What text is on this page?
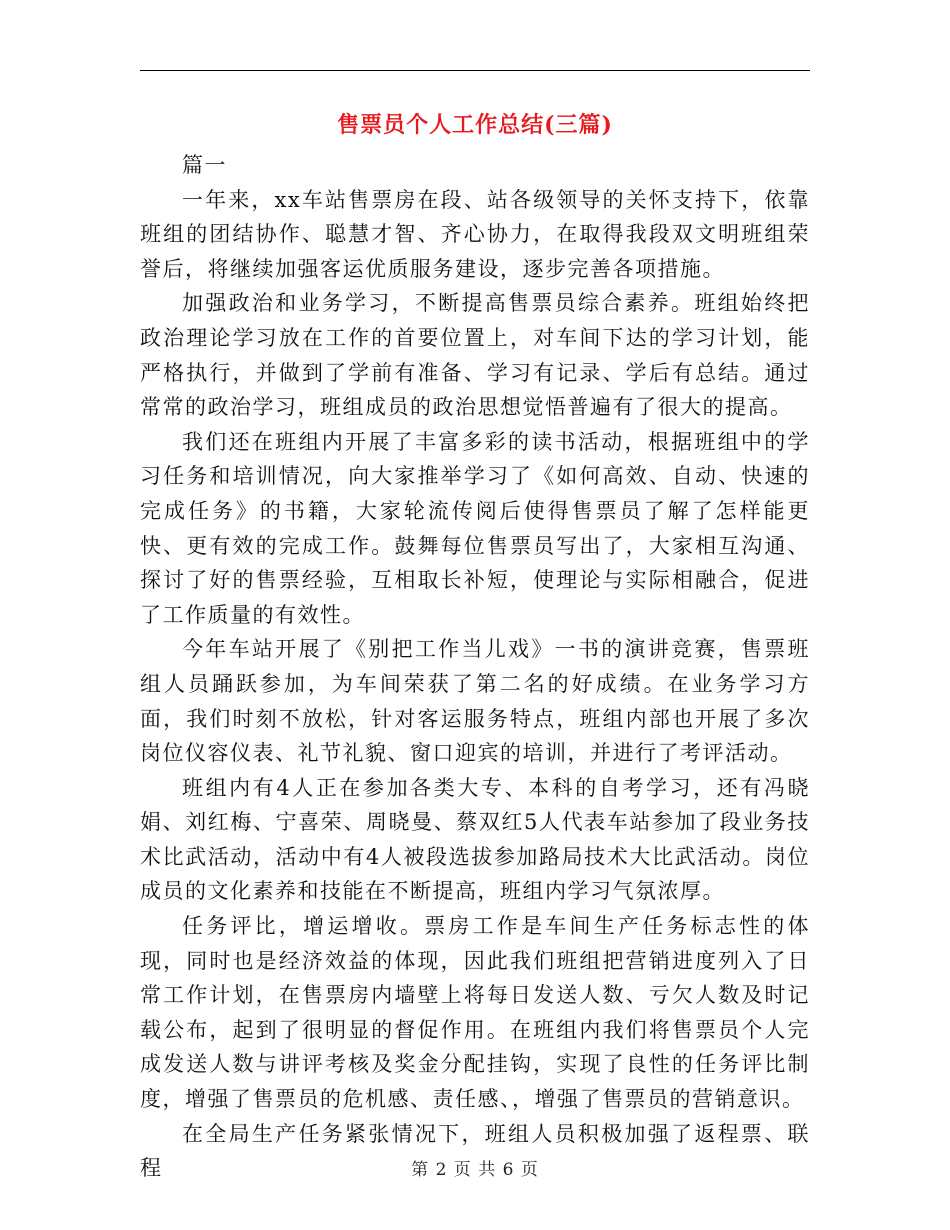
售票员个人工作总结(三篇)

篇一

一年来，xx车站售票房在段、站各级领导的关怀支持下，依靠班组的团结协作、聪慧才智、齐心协力，在取得我段双文明班组荣誉后，将继续加强客运优质服务建设，逐步完善各项措施。

加强政治和业务学习，不断提高售票员综合素养。班组始终把政治理论学习放在工作的首要位置上，对车间下达的学习计划，能严格执行，并做到了学前有准备、学习有记录、学后有总结。通过常常的政治学习，班组成员的政治思想觉悟普遍有了很大的提高。

我们还在班组内开展了丰富多彩的读书活动，根据班组中的学习任务和培训情况，向大家推举学习了《如何高效、自动、快速的完成任务》的书籍，大家轮流传阅后使得售票员了解了怎样能更快、更有效的完成工作。鼓舞每位售票员写出了，大家相互沟通、探讨了好的售票经验，互相取长补短，使理论与实际相融合，促进了工作质量的有效性。

今年车站开展了《别把工作当儿戏》一书的演讲竞赛，售票班组人员踊跃参加，为车间荣获了第二名的好成绩。在业务学习方面，我们时刻不放松，针对客运服务特点，班组内部也开展了多次岗位仪容仪表、礼节礼貌、窗口迎宾的培训，并进行了考评活动。

班组内有4人正在参加各类大专、本科的自考学习，还有冯晓娟、刘红梅、宁喜荣、周晓曼、蔡双红5人代表车站参加了段业务技术比武活动，活动中有4人被段选拔参加路局技术大比武活动。岗位成员的文化素养和技能在不断提高，班组内学习气氛浓厚。

任务评比，增运增收。票房工作是车间生产任务标志性的体现，同时也是经济效益的体现，因此我们班组把营销进度列入了日常工作计划，在售票房内墙壁上将每日发送人数、亏欠人数及时记载公布，起到了很明显的督促作用。在班组内我们将售票员个人完成发送人数与讲评考核及奖金分配挂钩，实现了良性的任务评比制度，增强了售票员的危机感、责任感、，增强了售票员的营销意识。

在全局生产任务紧张情况下，班组人员积极加强了返程票、联程	第 2 页 共 6 页
